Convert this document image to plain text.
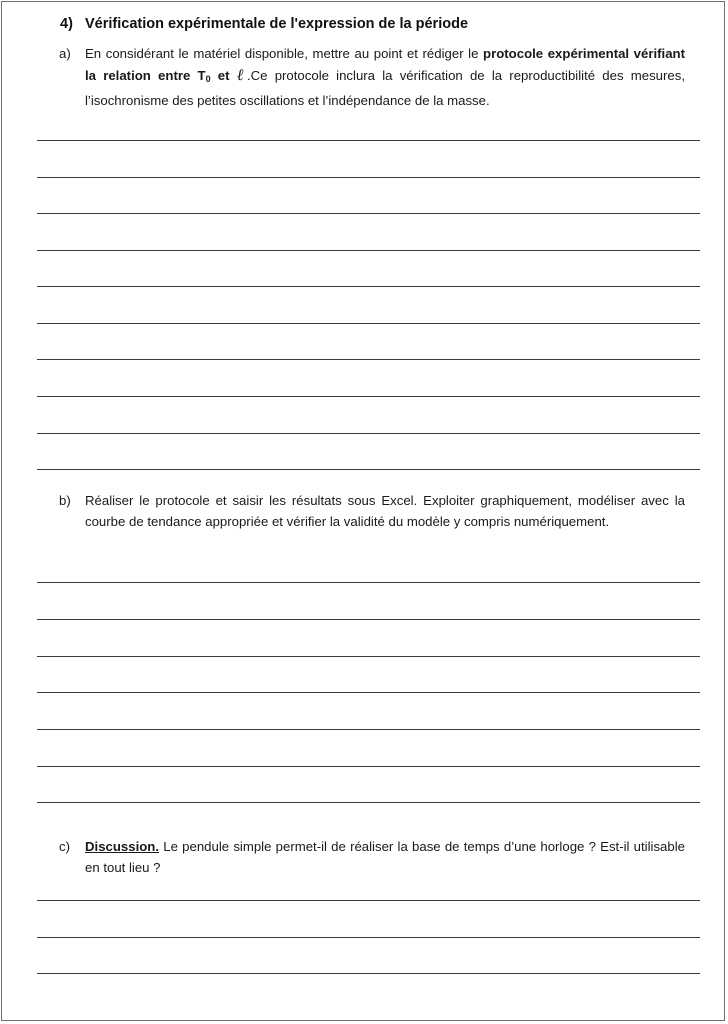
4) Vérification expérimentale de l'expression de la période
a) En considérant le matériel disponible, mettre au point et rédiger le protocole expérimental vérifiant la relation entre $T_0$ et ℓ.Ce protocole inclura la vérification de la reproductibilité des mesures, l’isochronisme des petites oscillations et l’indépendance de la masse.
b) Réaliser le protocole et saisir les résultats sous Excel. Exploiter graphiquement, modéliser avec la courbe de tendance appropriée et vérifier la validité du modèle y compris numériquement.
c) Discussion. Le pendule simple permet-il de réaliser la base de temps d’une horloge ? Est-il utilisable en tout lieu ?
